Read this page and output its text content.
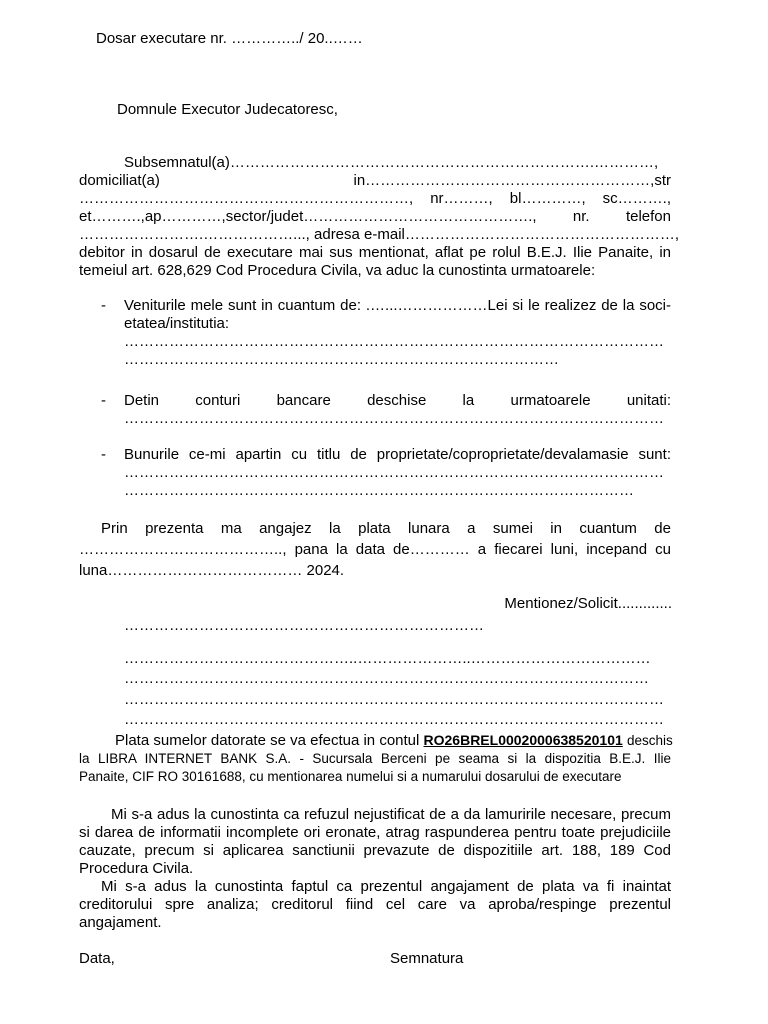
Dosar executare nr. …………../ 20..……
Domnule Executor Judecatoresc,
Subsemnatul(a)……………………………………………………………….…………,
domiciliat(a)	in…………………………………………………,str
…………………………………………………………, nr………, bl…………, sc……….,
et……….,ap…………,sector/judet………………………………………., nr. telefon
…………………….………………..., adresa e-mail………………………………………………,
debitor in dosarul de executare mai sus mentionat, aflat pe rolul B.E.J. Ilie Panaite, in
temeiul art. 628,629 Cod Procedura Civila, va aduc la cunostinta urmatoarele:
- Veniturile mele sunt in cuantum de: .…...………………Lei si le realizez de la soci-
etatea/institutia:
………………………………………………………………………………………………
……………………………………………………………………………
- Detin conturi bancare deschise la urmatoarele unitati:
………………………………………………………………………………………………
- Bunurile ce-mi apartin cu titlu de proprietate/coproprietate/devalamasie sunt:
………………………………………………………………………………………………
…………………………………………………………………………………………
Prin prezenta ma angajez la plata lunara a sumei in cuantum de
………………………………….., pana la data de………… a fiecarei luni, incepand cu
luna………………………………… 2024.
Mentionez/Solicit.............
………………………………………………………………
………………………………………..…………………..………………………………
……………………………………………………………………………………………
………………………………………………………………………………………………
………………………………………………………………………………………………
Plata sumelor datorate se va efectua in contul RO26BREL0002000638520101 deschis
la LIBRA INTERNET BANK S.A. - Sucursala Berceni pe seama si la dispozitia B.E.J. Ilie
Panaite, CIF RO 30161688, cu mentionarea numelui si a numarului dosarului de executare
Mi s-a adus la cunostinta ca refuzul nejustificat de a da lamuririle necesare, precum
si darea de informatii incomplete ori eronate, atrag raspunderea pentru toate prejudiciile
cauzate, precum si aplicarea sanctiunii prevazute de dispozitiile art. 188, 189 Cod
Procedura Civila.
Mi s-a adus la cunostinta faptul ca prezentul angajament de plata va fi inaintat
creditorului spre analiza; creditorul fiind cel care va aproba/respinge prezentul
angajament.
Data,	Semnatura
